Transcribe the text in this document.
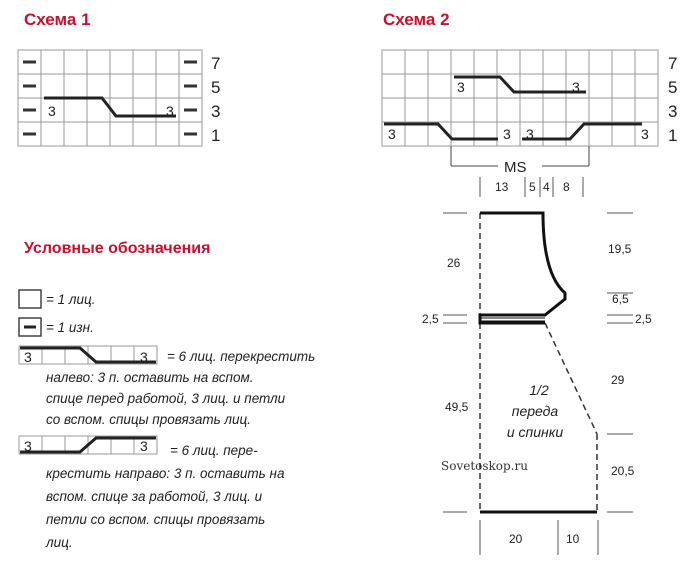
Схема 1	Схема 2
Условные обозначения
3	3
7
5
3
1
3	3
3	3 3	3
7
5
3
1
MS
3	3
3	3
= 1 лиц.
= 1 изн.
= 6 лиц. перекрестить
налево: 3 п. оставить на вспом.
спице перед работой, 3 лиц. и петли
со вспом. спицы провязать лиц.
= 6 лиц. пере-
крестить направо: 3 п. оставить на
вспом. спице за работой, 3 лиц. и
петли со вспом. спицы провязать
лиц.
13 5 4 8
26
2,5
49,5
19,5
6,5
2,5
29
20,5
20	10
1/2
переда
и спинки
Sovetoskop.ru
